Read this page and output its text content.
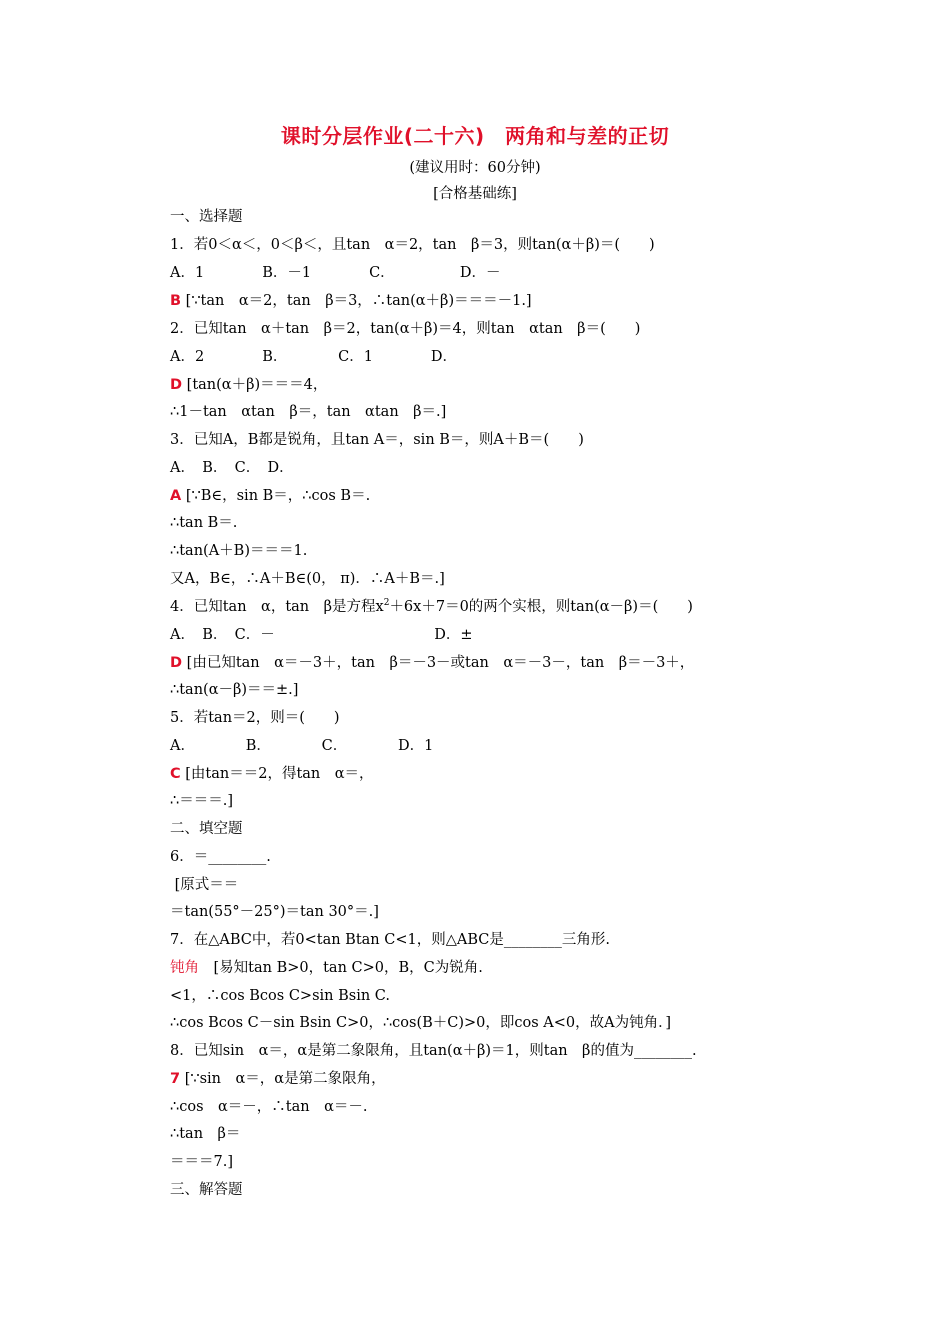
课时分层作业(二十六)　两角和与差的正切
(建议用时：60分钟)
[合格基础练]
一、选择题
1．若0＜α＜，0＜β＜，且tan　α＝2，tan　β＝3，则tan(α＋β)＝(　　)
A．1　　　　B．－1　　　　C．　　　　　D．－
B [∵tan　α＝2，tan　β＝3，∴tan(α＋β)＝＝＝－1.]
2．已知tan　α＋tan　β＝2，tan(α＋β)＝4，则tan　αtan　β＝(　　)
A．2　　　　B．　　　　C．1　　　　D．
D [tan(α＋β)＝＝＝4，
∴1－tan　αtan　β＝，tan　αtan　β＝.]
3．已知A，B都是锐角，且tan A＝，sin B＝，则A＋B＝(　　)
A．　B．　C．　D．
A [∵B∈，sin B＝，∴cos B＝.
∴tan B＝.
∴tan(A＋B)＝＝＝1.
又A，B∈，∴A＋B∈(0， π)．∴A＋B＝.]
4．已知tan　α，tan　β是方程$x^2+6x+7=0$的两个实根，则tan(α－β)＝(　　)
A．　B．　C．－　　　　　　　　　　　D．±
D [由已知tan　α＝－3＋，tan　β＝－3－或tan　α＝－3－，tan　β＝－3＋，
∴tan(α－β)＝＝±.]
5．若tan＝2，则＝(　　)
A．　　　　B．　　　　C．　　　　D．1
C [由tan＝＝2，得tan　α＝，
∴＝＝＝.]
二、填空题
6．＝________.
[原式＝＝
＝tan(55°－25°)＝tan 30°＝.]
7．在△ABC中，若0<tan Btan C<1，则△ABC是________三角形.
钝角　 [易知tan B>0，tan C>0，B，C为锐角.
<1，∴cos Bcos C>sin Bsin C.
∴cos Bcos C－sin Bsin C>0，∴cos(B＋C)>0，即cos A<0，故A为钝角．]
8．已知sin　α＝，α是第二象限角，且tan(α＋β)＝1，则tan　β的值为________.
7 [∵sin　α＝，α是第二象限角，
∴cos　α＝－，∴tan　α＝－.
∴tan　β＝
＝＝＝7.]
三、解答题
